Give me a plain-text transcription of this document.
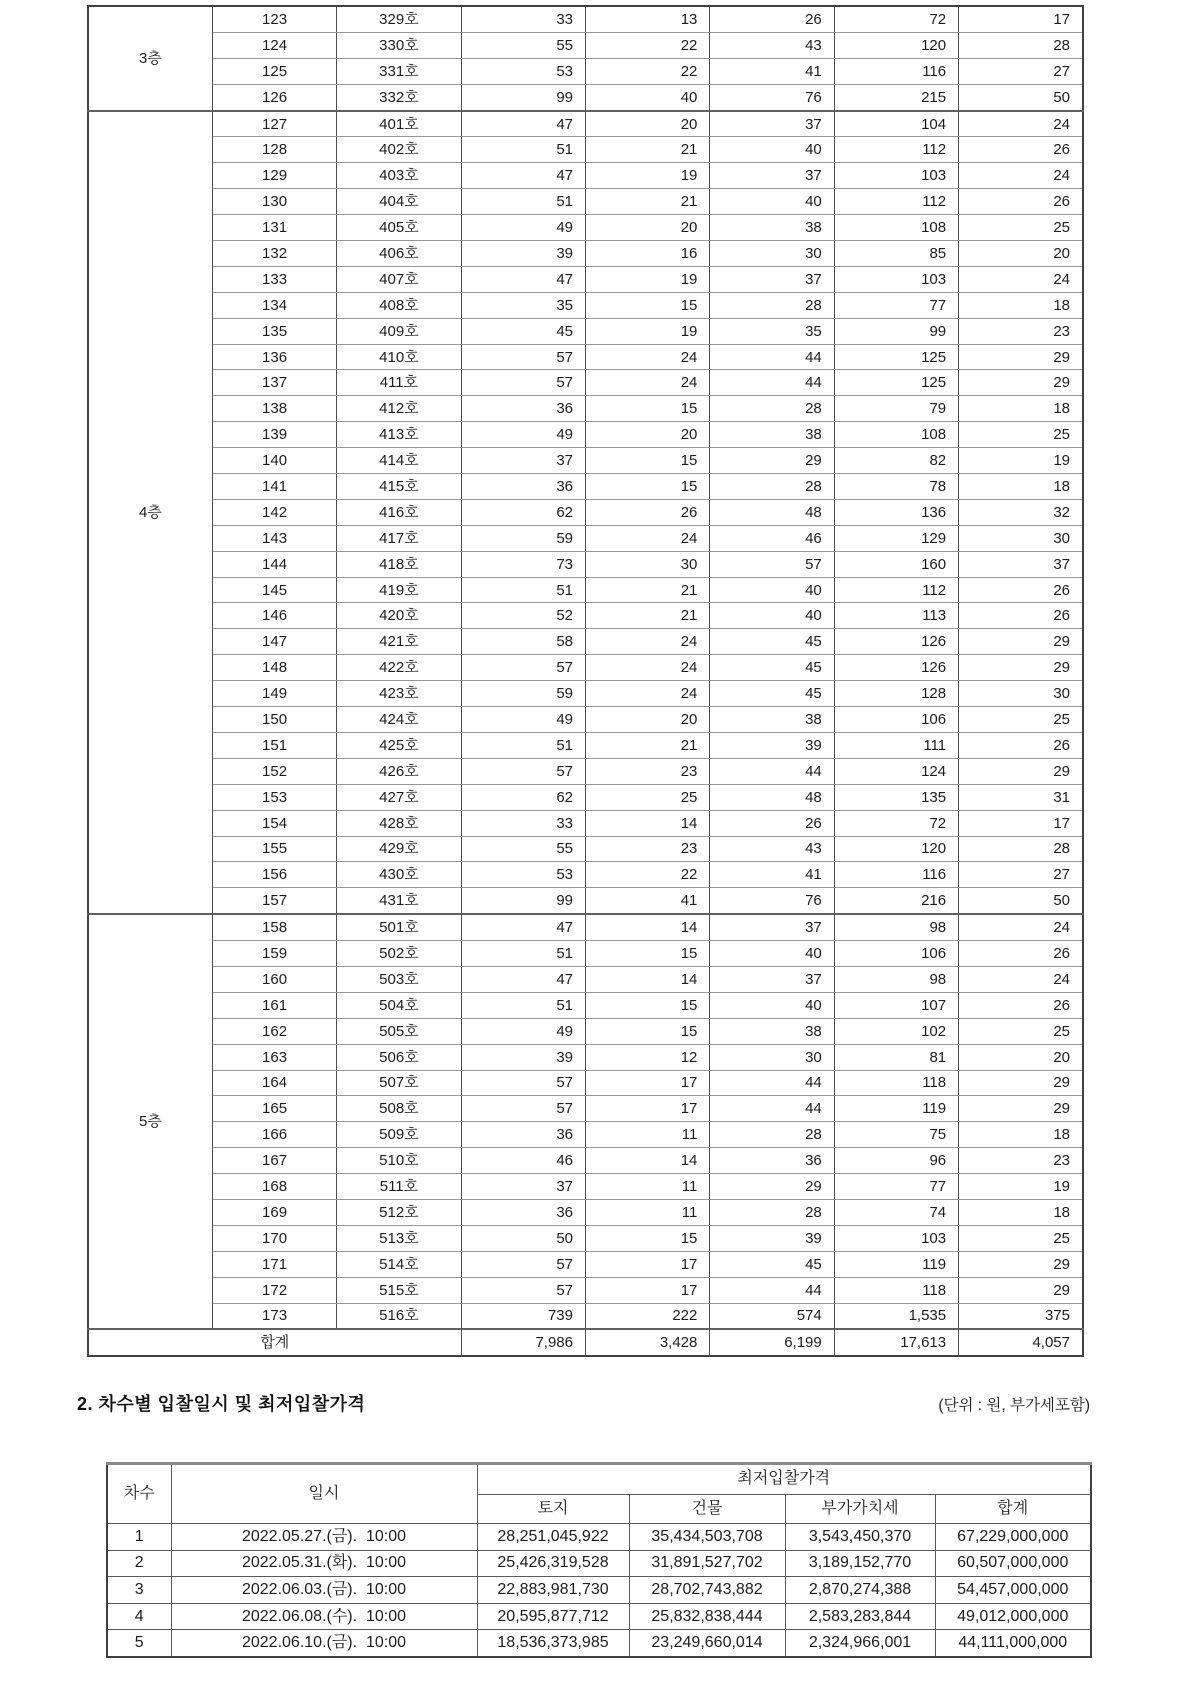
3층	123	329호	33	13	26	72	17
	124	330호	55	22	43	120	28
	125	331호	53	22	41	116	27
	126	332호	99	40	76	215	50
4층	127	401호	47	20	37	104	24
	128	402호	51	21	40	112	26
	129	403호	47	19	37	103	24
	130	404호	51	21	40	112	26
	131	405호	49	20	38	108	25
	132	406호	39	16	30	85	20
	133	407호	47	19	37	103	24
	134	408호	35	15	28	77	18
	135	409호	45	19	35	99	23
	136	410호	57	24	44	125	29
	137	411호	57	24	44	125	29
	138	412호	36	15	28	79	18
	139	413호	49	20	38	108	25
	140	414호	37	15	29	82	19
	141	415호	36	15	28	78	18
	142	416호	62	26	48	136	32
	143	417호	59	24	46	129	30
	144	418호	73	30	57	160	37
	145	419호	51	21	40	112	26
	146	420호	52	21	40	113	26
	147	421호	58	24	45	126	29
	148	422호	57	24	45	126	29
	149	423호	59	24	45	128	30
	150	424호	49	20	38	106	25
	151	425호	51	21	39	111	26
	152	426호	57	23	44	124	29
	153	427호	62	25	48	135	31
	154	428호	33	14	26	72	17
	155	429호	55	23	43	120	28
	156	430호	53	22	41	116	27
	157	431호	99	41	76	216	50
5층	158	501호	47	14	37	98	24
	159	502호	51	15	40	106	26
	160	503호	47	14	37	98	24
	161	504호	51	15	40	107	26
	162	505호	49	15	38	102	25
	163	506호	39	12	30	81	20
	164	507호	57	17	44	118	29
	165	508호	57	17	44	119	29
	166	509호	36	11	28	75	18
	167	510호	46	14	36	96	23
	168	511호	37	11	29	77	19
	169	512호	36	11	28	74	18
	170	513호	50	15	39	103	25
	171	514호	57	17	45	119	29
	172	515호	57	17	44	118	29
	173	516호	739	222	574	1,535	375
합계			7,986	3,428	6,199	17,613	4,057
2. 차수별 입찰일시 및 최저입찰가격	(단위 : 원, 부가세포함)
차수	일시	최저입찰가격			
		토지	건물	부가가치세	합계
1	2022.05.27.(금).  10:00	28,251,045,922	35,434,503,708	3,543,450,370	67,229,000,000
2	2022.05.31.(화).  10:00	25,426,319,528	31,891,527,702	3,189,152,770	60,507,000,000
3	2022.06.03.(금).  10:00	22,883,981,730	28,702,743,882	2,870,274,388	54,457,000,000
4	2022.06.08.(수).  10:00	20,595,877,712	25,832,838,444	2,583,283,844	49,012,000,000
5	2022.06.10.(금).  10:00	18,536,373,985	23,249,660,014	2,324,966,001	44,111,000,000
